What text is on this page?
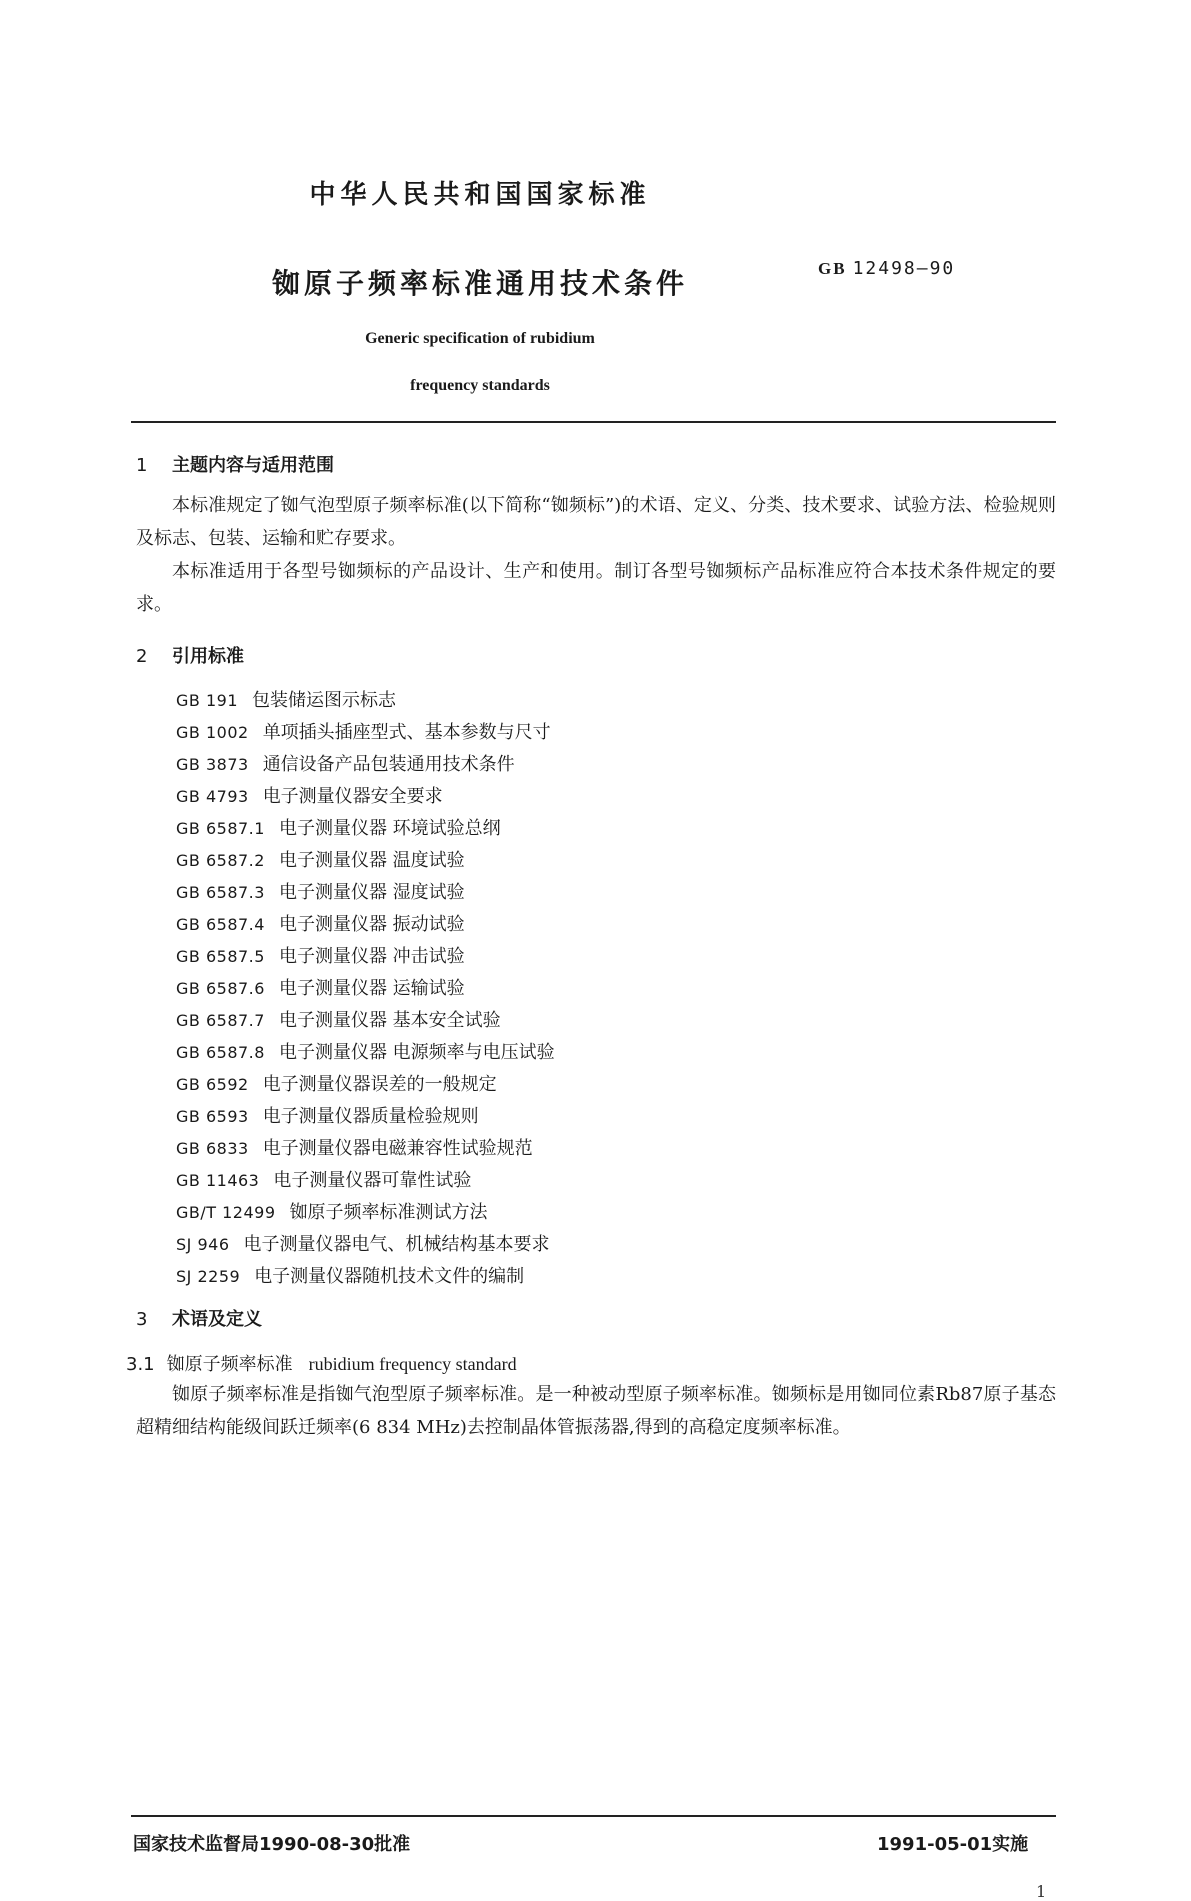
中华人民共和国国家标准
铷原子频率标准通用技术条件	GB 12498—90
Generic specification of rubidium
frequency standards
1 主题内容与适用范围
本标准规定了铷气泡型原子频率标准(以下简称“铷频标”)的术语、定义、分类、技术要求、试验方法、检验规则及标志、包装、运输和贮存要求。
本标准适用于各型号铷频标的产品设计、生产和使用。制订各型号铷频标产品标准应符合本技术条件规定的要求。
2 引用标准
GB 191 包装储运图示标志
GB 1002 单项插头插座型式、基本参数与尺寸
GB 3873 通信设备产品包装通用技术条件
GB 4793 电子测量仪器安全要求
GB 6587.1 电子测量仪器 环境试验总纲
GB 6587.2 电子测量仪器 温度试验
GB 6587.3 电子测量仪器 湿度试验
GB 6587.4 电子测量仪器 振动试验
GB 6587.5 电子测量仪器 冲击试验
GB 6587.6 电子测量仪器 运输试验
GB 6587.7 电子测量仪器 基本安全试验
GB 6587.8 电子测量仪器 电源频率与电压试验
GB 6592 电子测量仪器误差的一般规定
GB 6593 电子测量仪器质量检验规则
GB 6833 电子测量仪器电磁兼容性试验规范
GB 11463 电子测量仪器可靠性试验
GB/T 12499 铷原子频率标准测试方法
SJ 946 电子测量仪器电气、机械结构基本要求
SJ 2259 电子测量仪器随机技术文件的编制
3 术语及定义
3.1 铷原子频率标准 rubidium frequency standard
铷原子频率标准是指铷气泡型原子频率标准。是一种被动型原子频率标准。铷频标是用铷同位素Rb87原子基态超精细结构能级间跃迁频率(6 834 MHz)去控制晶体管振荡器,得到的高稳定度频率标准。
国家技术监督局1990-08-30批准	1991-05-01实施
1
